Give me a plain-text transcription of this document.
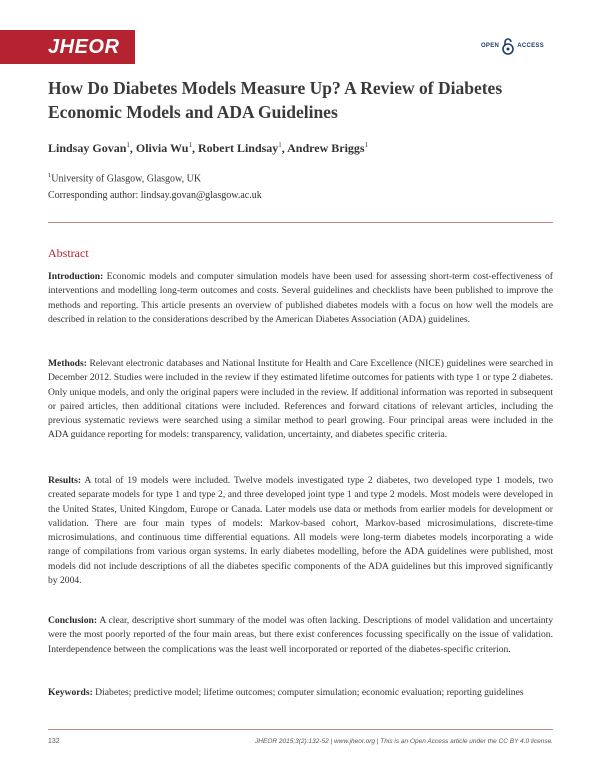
JHEOR	OPEN	ACCESS
How Do Diabetes Models Measure Up? A Review of Diabetes Economic Models and ADA Guidelines

Lindsay Govan$^1$, Olivia Wu$^1$, Robert Lindsay$^1$, Andrew Briggs$^1$

$^1$University of Glasgow, Glasgow, UK
Corresponding author: lindsay.govan@glasgow.ac.uk

Abstract

Introduction: Economic models and computer simulation models have been used for assessing short-term cost-effectiveness of interventions and modelling long-term outcomes and costs. Several guidelines and checklists have been published to improve the methods and reporting. This article presents an overview of published diabetes models with a focus on how well the models are described in relation to the considerations described by the American Diabetes Association (ADA) guidelines.

Methods: Relevant electronic databases and National Institute for Health and Care Excellence (NICE) guidelines were searched in December 2012. Studies were included in the review if they estimated lifetime outcomes for patients with type 1 or type 2 diabetes. Only unique models, and only the original papers were included in the review. If additional information was reported in subsequent or paired articles, then additional citations were included. References and forward citations of relevant articles, including the previous systematic reviews were searched using a similar method to pearl growing. Four principal areas were included in the ADA guidance reporting for models: transparency, validation, uncertainty, and diabetes specific criteria.

Results: A total of 19 models were included. Twelve models investigated type 2 diabetes, two developed type 1 models, two created separate models for type 1 and type 2, and three developed joint type 1 and type 2 models. Most models were developed in the United States, United Kingdom, Europe or Canada. Later models use data or methods from earlier models for development or validation. There are four main types of models: Markov-based cohort, Markov-based microsimulations, discrete-time microsimulations, and continuous time differential equations. All models were long-term diabetes models incorporating a wide range of compilations from various organ systems. In early diabetes modelling, before the ADA guidelines were published, most models did not include descriptions of all the diabetes specific components of the ADA guidelines but this improved significantly by 2004.

Conclusion: A clear, descriptive short summary of the model was often lacking. Descriptions of model validation and uncertainty were the most poorly reported of the four main areas, but there exist conferences focussing specifically on the issue of validation. Interdependence between the complications was the least well incorporated or reported of the diabetes-specific criterion.

Keywords: Diabetes; predictive model; lifetime outcomes; computer simulation; economic evaluation; reporting guidelines

132	JHEOR 2015;3(2):132-52 | www.jheor.org | This is an Open Access article under the CC BY 4.0 license.
